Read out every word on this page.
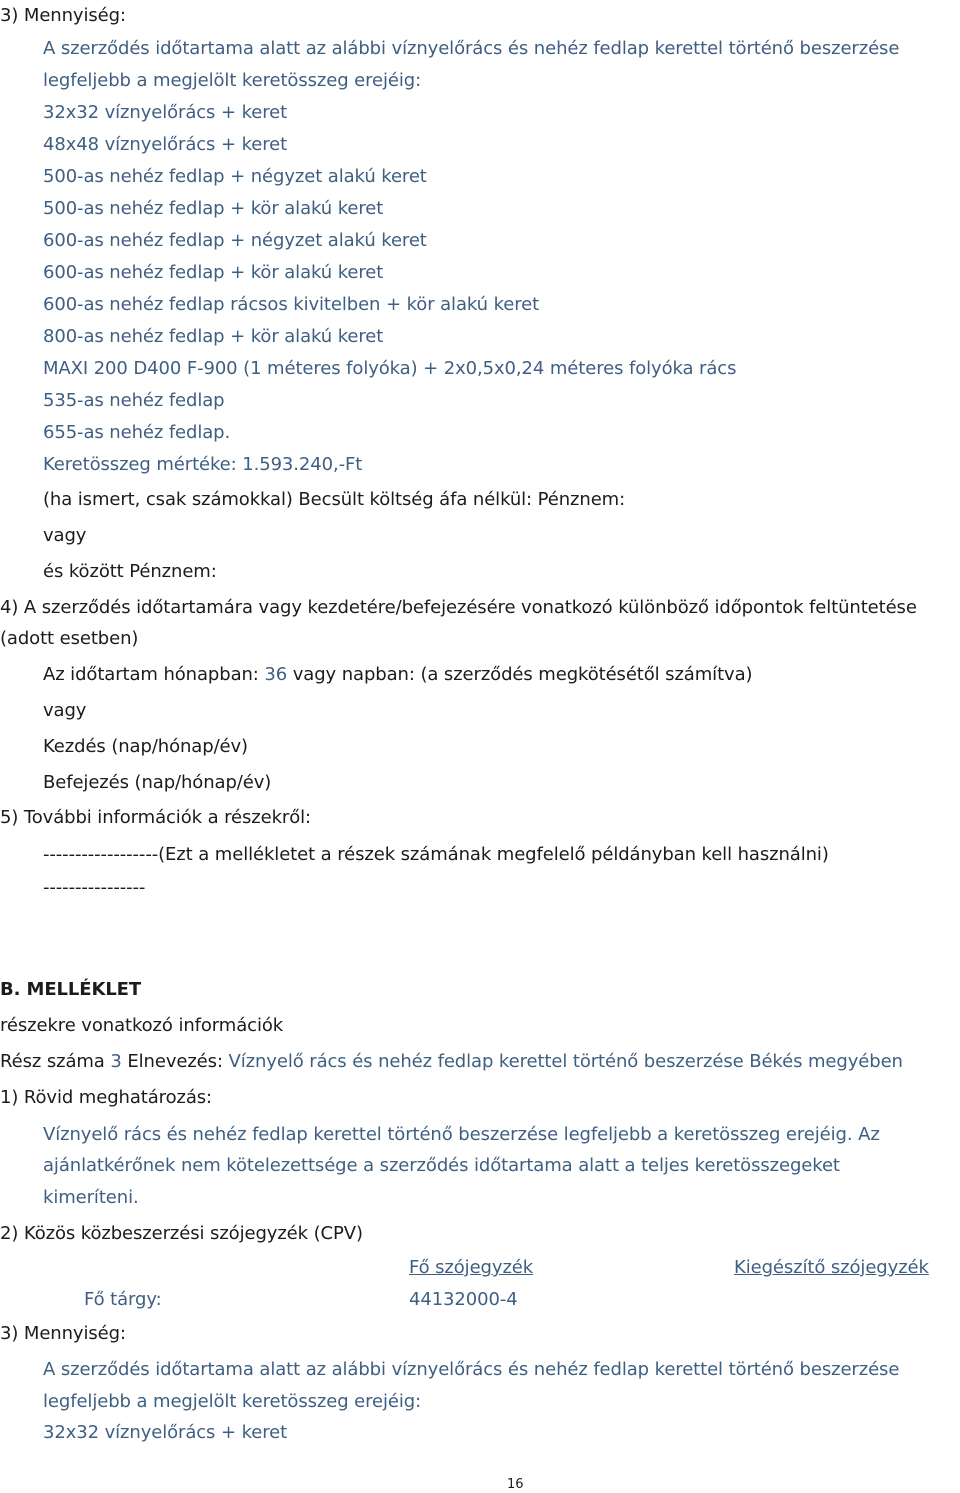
3) Mennyiség:
A szerződés időtartama alatt az alábbi víznyelőrács és nehéz fedlap kerettel történő beszerzése
legfeljebb a megjelölt keretösszeg erejéig:
32x32 víznyelőrács + keret
48x48 víznyelőrács + keret
500-as nehéz fedlap + négyzet alakú keret
500-as nehéz fedlap + kör alakú keret
600-as nehéz fedlap + négyzet alakú keret
600-as nehéz fedlap + kör alakú keret
600-as nehéz fedlap rácsos kivitelben + kör alakú keret
800-as nehéz fedlap + kör alakú keret
MAXI 200 D400 F-900 (1 méteres folyóka) + 2x0,5x0,24 méteres folyóka rács
535-as nehéz fedlap
655-as nehéz fedlap.
Keretösszeg mértéke: 1.593.240,-Ft
(ha ismert, csak számokkal) Becsült költség áfa nélkül: Pénznem:
vagy
és között Pénznem:
4) A szerződés időtartamára vagy kezdetére/befejezésére vonatkozó különböző időpontok feltüntetése
(adott esetben)
Az időtartam hónapban: 36 vagy napban: (a szerződés megkötésétől számítva)
vagy
Kezdés (nap/hónap/év)
Befejezés (nap/hónap/év)
5) További információk a részekről:
------------------(Ezt a mellékletet a részek számának megfelelő példányban kell használni)
----------------
B. MELLÉKLET
részekre vonatkozó információk
Rész száma 3 Elnevezés: Víznyelő rács és nehéz fedlap kerettel történő beszerzése Békés megyében
1) Rövid meghatározás:
Víznyelő rács és nehéz fedlap kerettel történő beszerzése legfeljebb a keretösszeg erejéig. Az
ajánlatkérőnek nem kötelezettsége a szerződés időtartama alatt a teljes keretösszegeket
kimeríteni.
2) Közös közbeszerzési szójegyzék (CPV)
Fő szójegyzék	Kiegészítő szójegyzék
Fő tárgy:	44132000-4
3) Mennyiség:
A szerződés időtartama alatt az alábbi víznyelőrács és nehéz fedlap kerettel történő beszerzése
legfeljebb a megjelölt keretösszeg erejéig:
32x32 víznyelőrács + keret
16
